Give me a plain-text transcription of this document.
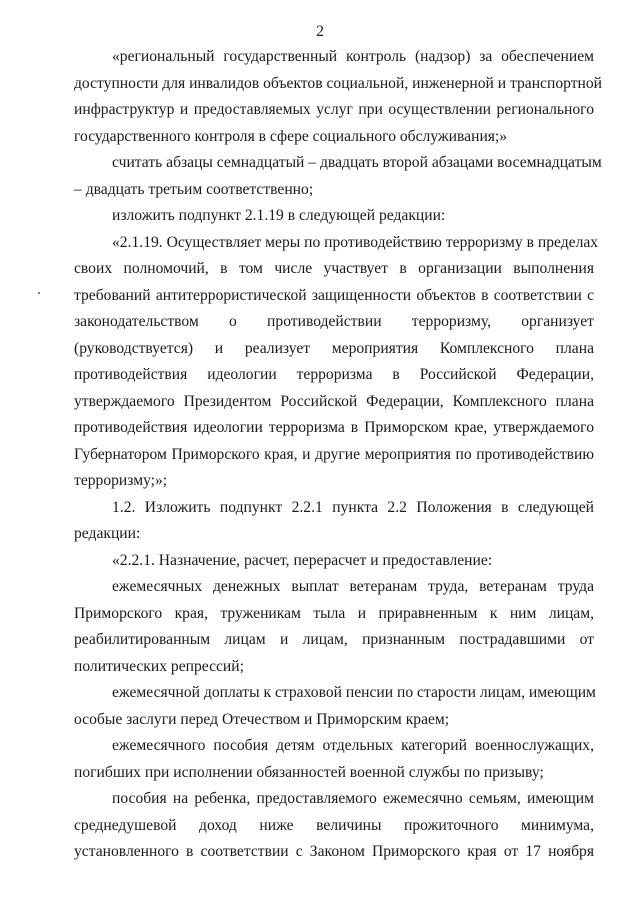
2
«региональный государственный контроль (надзор) за обеспечением
доступности для инвалидов объектов социальной, инженерной и транспортной
инфраструктур и предоставляемых услуг при осуществлении регионального
государственного контроля в сфере социального обслуживания;»
считать абзацы семнадцатый – двадцать второй абзацами восемнадцатым
– двадцать третьим соответственно;
изложить подпункт 2.1.19 в следующей редакции:
«2.1.19. Осуществляет меры по противодействию терроризму в пределах
своих полномочий, в том числе участвует в организации выполнения
требований антитеррористической защищенности объектов в соответствии с
законодательством о противодействии терроризму, организует
(руководствуется) и реализует мероприятия Комплексного плана
противодействия идеологии терроризма в Российской Федерации,
утверждаемого Президентом Российской Федерации, Комплексного плана
противодействия идеологии терроризма в Приморском крае, утверждаемого
Губернатором Приморского края, и другие мероприятия по противодействию
терроризму;»;
1.2. Изложить подпункт 2.2.1 пункта 2.2 Положения в следующей
редакции:
«2.2.1. Назначение, расчет, перерасчет и предоставление:
ежемесячных денежных выплат ветеранам труда, ветеранам труда
Приморского края, труженикам тыла и приравненным к ним лицам,
реабилитированным лицам и лицам, признанным пострадавшими от
политических репрессий;
ежемесячной доплаты к страховой пенсии по старости лицам, имеющим
особые заслуги перед Отечеством и Приморским краем;
ежемесячного пособия детям отдельных категорий военнослужащих,
погибших при исполнении обязанностей военной службы по призыву;
пособия на ребенка, предоставляемого ежемесячно семьям, имеющим
среднедушевой доход ниже величины прожиточного минимума,
установленного в соответствии с Законом Приморского края от 17 ноября
